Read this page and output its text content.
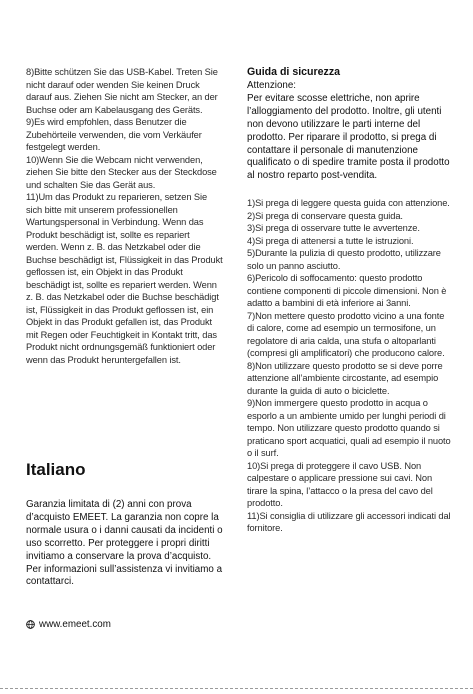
8)Bitte schützen Sie das USB-Kabel. Treten Sie nicht darauf oder wenden Sie keinen Druck darauf aus. Ziehen Sie nicht am Stecker, an der Buchse oder am Kabelausgang des Geräts.

9)Es wird empfohlen, dass Benutzer die Zubehörteile verwenden, die vom Verkäufer festgelegt werden.

10)Wenn Sie die Webcam nicht verwenden, ziehen Sie bitte den Stecker aus der Steckdose und schalten Sie das Gerät aus.

11)Um das Produkt zu reparieren, setzen Sie sich bitte mit unserem professionellen Wartungspersonal in Verbindung. Wenn das Produkt beschädigt ist, sollte es repariert werden. Wenn z. B. das Netzkabel oder die Buchse beschädigt ist, Flüssigkeit in das Produkt geflossen ist, ein Objekt in das Produkt beschädigt ist, sollte es repariert werden. Wenn z. B. das Netzkabel oder die Buchse beschädigt ist, Flüssigkeit in das Produkt geflossen ist, ein Objekt in das Produkt gefallen ist, das Produkt mit Regen oder Feuchtigkeit in Kontakt tritt, das Produkt nicht ordnungsgemäß funktioniert oder wenn das Produkt heruntergefallen ist.

Italiano

Garanzia limitata di (2) anni con prova d’acquisto EMEET. La garanzia non copre la normale usura o i danni causati da incidenti o uso scorretto. Per proteggere i propri diritti invitiamo a conservare la prova d’acquisto.

Per informazioni sull’assistenza vi invitiamo a contattarci.

www.emeet.com
Guida di sicurezza

Attenzione:

Per evitare scosse elettriche, non aprire l’alloggiamento del prodotto. Inoltre, gli utenti non devono utilizzare le parti interne del prodotto. Per riparare il prodotto, si prega di contattare il personale di manutenzione qualificato o di spedire tramite posta il prodotto al nostro reparto post-vendita.

1)Si prega di leggere questa guida con attenzione.

2)Si prega di conservare questa guida.

3)Si prega di osservare tutte le avvertenze.

4)Si prega di attenersi a tutte le istruzioni.

5)Durante la pulizia di questo prodotto, utilizzare solo un panno asciutto.

6)Pericolo di soffocamento: questo prodotto contiene componenti di piccole dimensioni. Non è adatto a bambini di età inferiore ai 3anni.

7)Non mettere questo prodotto vicino a una fonte di calore, come ad esempio un termosifone, un regolatore di aria calda, una stufa o altoparlanti (compresi gli amplificatori) che producono calore.

8)Non utilizzare questo prodotto se si deve porre attenzione all’ambiente circostante, ad esempio durante la guida di auto o biciclette.

9)Non immergere questo prodotto in acqua o esporlo a un ambiente umido per lunghi periodi di tempo. Non utilizzare questo prodotto quando si praticano sport acquatici, quali ad esempio il nuoto o il surf.

10)Si prega di proteggere il cavo USB. Non calpestare o applicare pressione sui cavi. Non tirare la spina, l’attacco o la presa del cavo del prodotto.

11)Si consiglia di utilizzare gli accessori indicati dal fornitore.
